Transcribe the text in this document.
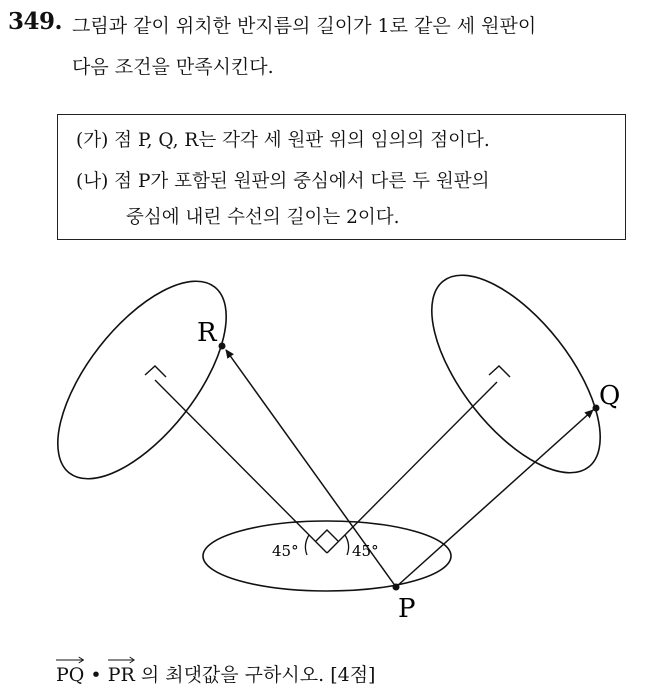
349. 그림과 같이 위치한 반지름의 길이가 1로 같은 세 원판이
다음 조건을 만족시킨다.
(가) 점 P, Q, R는 각각 세 원판 위의 임의의 점이다.
(나) 점 P가 포함된 원판의 중심에서 다른 두 원판의
중심에 내린 수선의 길이는 2이다.
R
Q
P
45°	45°
PQ • PR 의 최댓값을 구하시오. [4점]
